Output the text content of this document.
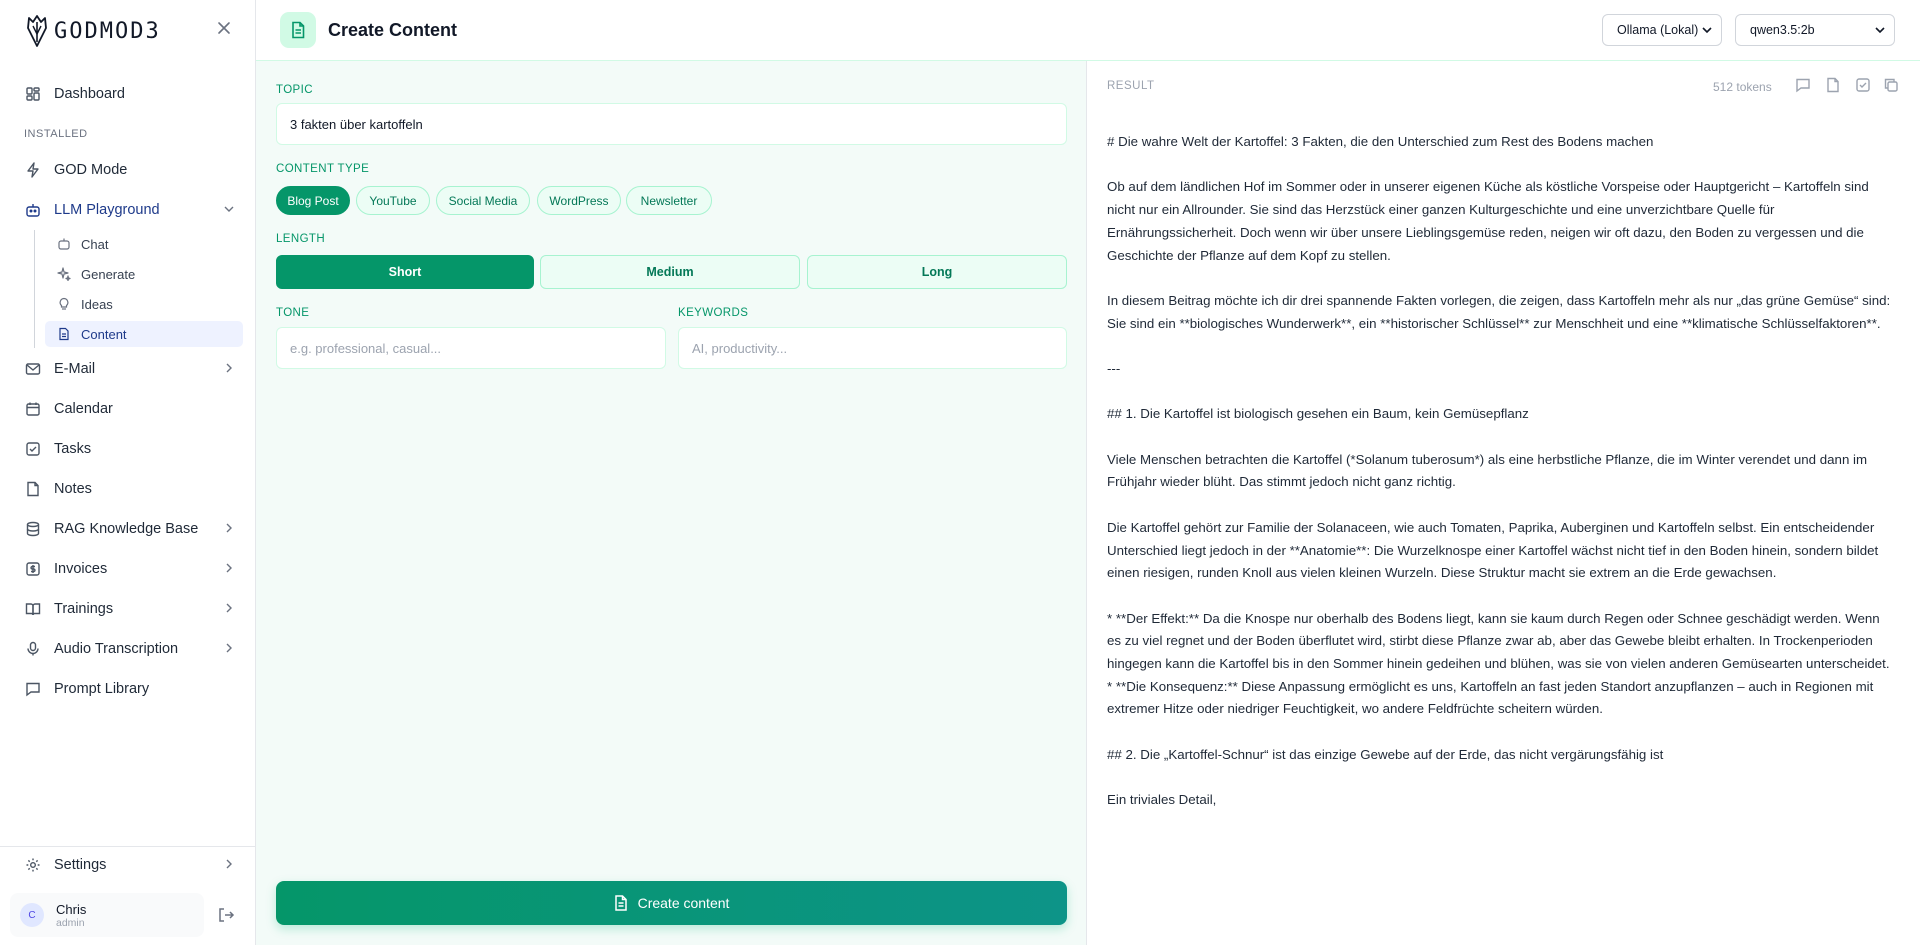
GODMOD3
Dashboard
INSTALLED
GOD Mode
LLM Playground
Chat
Generate
Ideas
Content
E-Mail
Calendar
Tasks
Notes
RAG Knowledge Base
Invoices
Trainings
Audio Transcription
Prompt Library
Settings
C	Chris
admin
Create Content	Ollama (Lokal)	qwen3.5:2b
TOPIC
3 fakten über kartoffeln
CONTENT TYPE
Blog Post	YouTube	Social Media	WordPress	Newsletter
LENGTH
Short	Medium	Long
TONE
e.g. professional, casual...
KEYWORDS
AI, productivity...
Create content
RESULT	512 tokens

# Die wahre Welt der Kartoffel: 3 Fakten, die den Unterschied zum Rest des Bodens machen

Ob auf dem ländlichen Hof im Sommer oder in unserer eigenen Küche als köstliche Vorspeise oder Hauptgericht – Kartoffeln sind nicht nur ein Allrounder. Sie sind das Herzstück einer ganzen Kulturgeschichte und eine unverzichtbare Quelle für Ernährungssicherheit. Doch wenn wir über unsere Lieblingsgemüse reden, neigen wir oft dazu, den Boden zu vergessen und die Geschichte der Pflanze auf dem Kopf zu stellen.

In diesem Beitrag möchte ich dir drei spannende Fakten vorlegen, die zeigen, dass Kartoffeln mehr als nur „das grüne Gemüse“ sind: Sie sind ein **biologisches Wunderwerk**, ein **historischer Schlüssel** zur Menschheit und eine **klimatische Schlüsselfaktoren**.

---

## 1. Die Kartoffel ist biologisch gesehen ein Baum, kein Gemüsepflanz

Viele Menschen betrachten die Kartoffel (*Solanum tuberosum*) als eine herbstliche Pflanze, die im Winter verendet und dann im Frühjahr wieder blüht. Das stimmt jedoch nicht ganz richtig.

Die Kartoffel gehört zur Familie der Solanaceen, wie auch Tomaten, Paprika, Auberginen und Kartoffeln selbst. Ein entscheidender Unterschied liegt jedoch in der **Anatomie**: Die Wurzelknospe einer Kartoffel wächst nicht tief in den Boden hinein, sondern bildet einen riesigen, runden Knoll aus vielen kleinen Wurzeln. Diese Struktur macht sie extrem an die Erde gewachsen.

* **Der Effekt:** Da die Knospe nur oberhalb des Bodens liegt, kann sie kaum durch Regen oder Schnee geschädigt werden. Wenn es zu viel regnet und der Boden überflutet wird, stirbt diese Pflanze zwar ab, aber das Gewebe bleibt erhalten. In Trockenperioden hingegen kann die Kartoffel bis in den Sommer hinein gedeihen und blühen, was sie von vielen anderen Gemüsearten unterscheidet.
* **Die Konsequenz:** Diese Anpassung ermöglicht es uns, Kartoffeln an fast jeden Standort anzupflanzen – auch in Regionen mit extremer Hitze oder niedriger Feuchtigkeit, wo andere Feldfrüchte scheitern würden.

## 2. Die „Kartoffel-Schnur“ ist das einzige Gewebe auf der Erde, das nicht vergärungsfähig ist

Ein triviales Detail,
